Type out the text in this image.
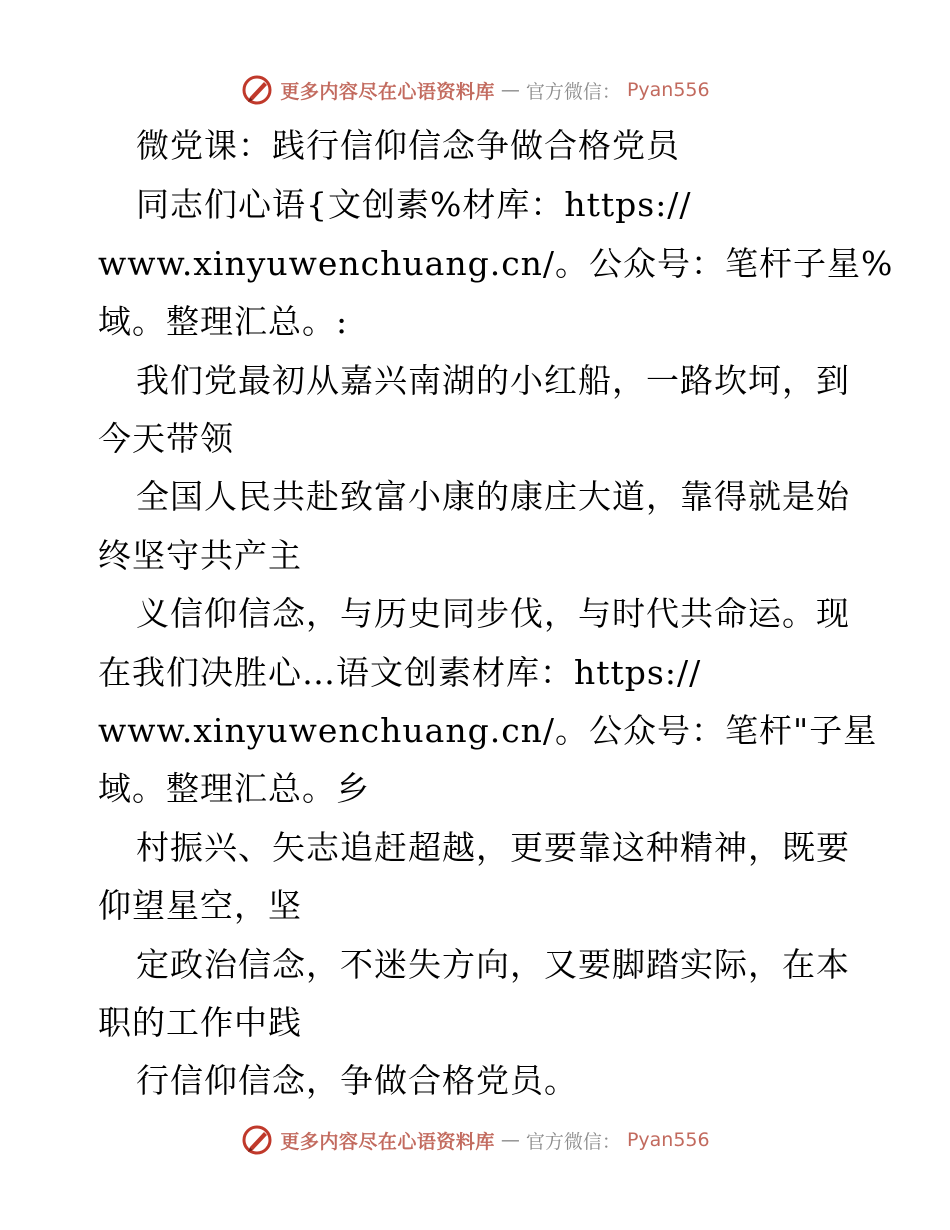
更多内容尽在心语资料库 — 官方微信： Pyan556
微党课：践行信仰信念争做合格党员
同志们心语{文创素%材库：https://
www.xinyuwenchuang.cn/。公众号：笔杆子星%
域。整理汇总。:
我们党最初从嘉兴南湖的小红船，一路坎坷，到
今天带领
全国人民共赴致富小康的康庄大道，靠得就是始
终坚守共产主
义信仰信念，与历史同步伐，与时代共命运。现
在我们决胜心…语文创素材库：https://
www.xinyuwenchuang.cn/。公众号：笔杆"子星
域。整理汇总。乡
村振兴、矢志追赶超越，更要靠这种精神，既要
仰望星空，坚
定政治信念，不迷失方向，又要脚踏实际，在本
职的工作中践
行信仰信念，争做合格党员。
更多内容尽在心语资料库 — 官方微信： Pyan556
